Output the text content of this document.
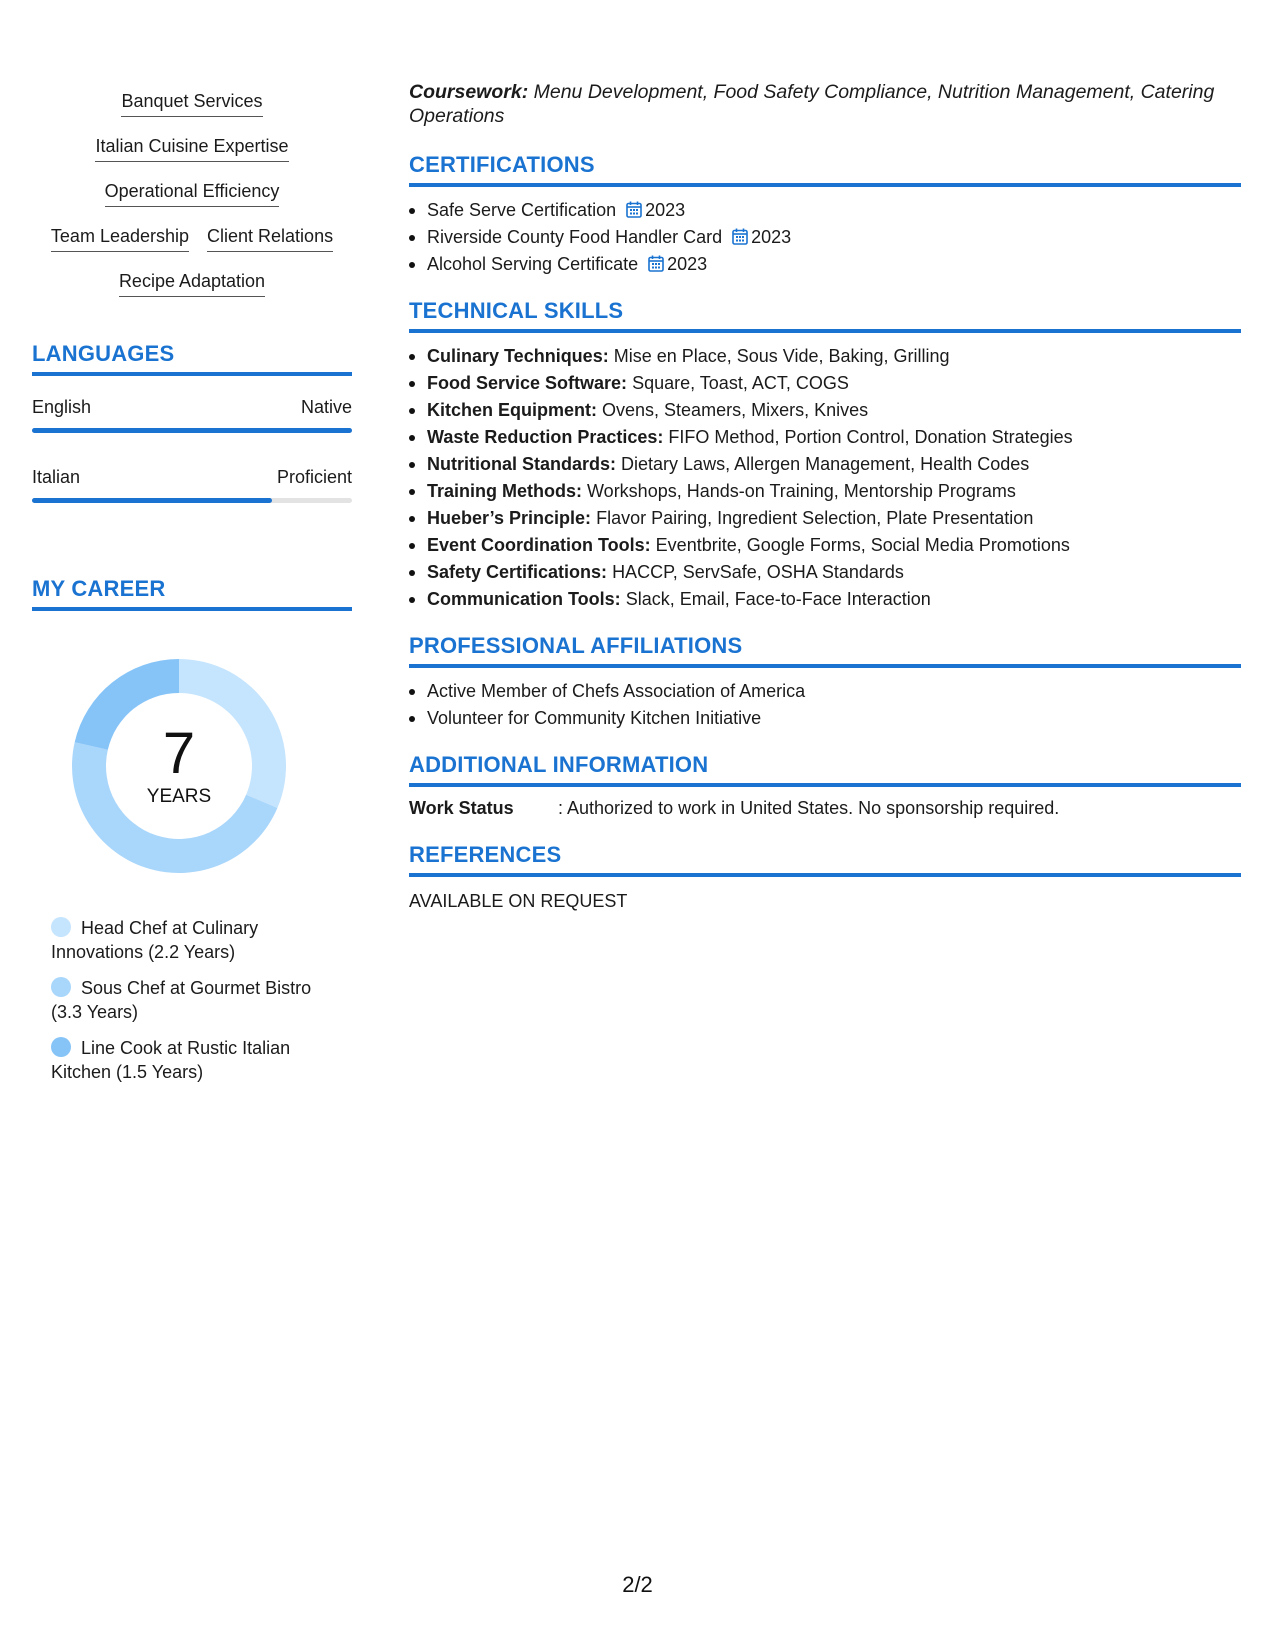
Banquet Services
Italian Cuisine Expertise
Operational Efficiency
Team Leadership Client Relations
Recipe Adaptation
LANGUAGES
English	Native
Italian	Proficient
MY CAREER
7
YEARS
Head Chef at Culinary Innovations (2.2 Years)
Sous Chef at Gourmet Bistro (3.3 Years)
Line Cook at Rustic Italian Kitchen (1.5 Years)
Coursework: Menu Development, Food Safety Compliance, Nutrition Management, Catering Operations
CERTIFICATIONS
Safe Serve Certification 2023
Riverside County Food Handler Card 2023
Alcohol Serving Certificate 2023
TECHNICAL SKILLS
Culinary Techniques: Mise en Place, Sous Vide, Baking, Grilling
Food Service Software: Square, Toast, ACT, COGS
Kitchen Equipment: Ovens, Steamers, Mixers, Knives
Waste Reduction Practices: FIFO Method, Portion Control, Donation Strategies
Nutritional Standards: Dietary Laws, Allergen Management, Health Codes
Training Methods: Workshops, Hands-on Training, Mentorship Programs
Hueber’s Principle: Flavor Pairing, Ingredient Selection, Plate Presentation
Event Coordination Tools: Eventbrite, Google Forms, Social Media Promotions
Safety Certifications: HACCP, ServSafe, OSHA Standards
Communication Tools: Slack, Email, Face-to-Face Interaction
PROFESSIONAL AFFILIATIONS
Active Member of Chefs Association of America
Volunteer for Community Kitchen Initiative
ADDITIONAL INFORMATION
Work Status	: Authorized to work in United States. No sponsorship required.
REFERENCES
AVAILABLE ON REQUEST
2/2
